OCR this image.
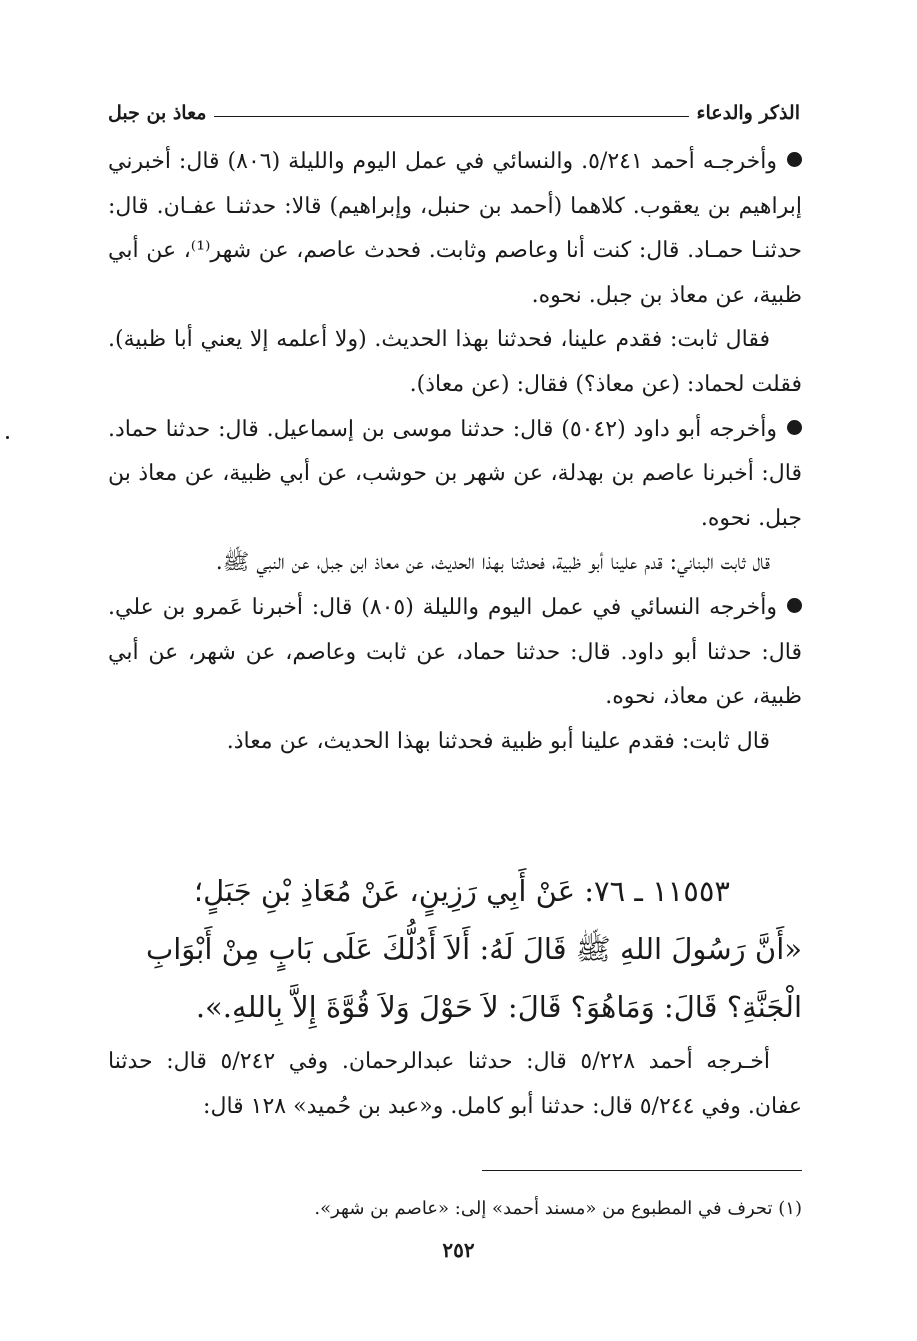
الذكر والدعاء
معاذ بن جبل

وأخرجـه أحمد ٥/٢٤١. والنسائي في عمل اليوم والليلة (٨٠٦) قال: أخبرني إبراهيم بن يعقوب. كلاهما (أحمد بن حنبل، وإبراهيم) قالا: حدثنـا عفـان. قال: حدثنـا حمـاد. قال: كنت أنا وعاصم وثابت. فحدث عاصم، عن شهر⁽¹⁾، عن أبي ظبية، عن معاذ بن جبل. نحوه.

فقال ثابت: فقدم علينا، فحدثنا بهذا الحديث. (ولا أعلمه إلا يعني أبا ظبية). فقلت لحماد: (عن معاذ؟) فقال: (عن معاذ).

وأخرجه أبو داود (٥٠٤٢) قال: حدثنا موسى بن إسماعيل. قال: حدثنا حماد. قال: أخبرنا عاصم بن بهدلة، عن شهر بن حوشب، عن أبي ظبية، عن معاذ بن جبل. نحوه.

قال ثابت البناني: قدم علينا أبو ظبية، فحدثنا بهذا الحديث، عن معاذ ابن جبل، عن النبي ﷺ.

وأخرجه النسائي في عمل اليوم والليلة (٨٠٥) قال: أخبرنا عَمرو بن علي. قال: حدثنا أبو داود. قال: حدثنا حماد، عن ثابت وعاصم، عن شهر، عن أبي ظبية، عن معاذ، نحوه.

قال ثابت: فقدم علينا أبو ظبية فحدثنا بهذا الحديث، عن معاذ.

١١٥٥٣ ـ ٧٦: عَنْ أَبِي رَزِينٍ، عَنْ مُعَاذِ بْنِ جَبَلٍ؛

«أَنَّ رَسُولَ اللهِ ﷺ قَالَ لَهُ: أَلاَ أَدُلُّكَ عَلَى بَابٍ مِنْ أَبْوَابِ

الْجَنَّةِ؟ قَالَ: وَمَاهُوَ؟ قَالَ: لاَ حَوْلَ وَلاَ قُوَّةَ إِلاَّ بِاللهِ.».

أخـرجه أحمد ٥/٢٢٨ قال: حدثنا عبدالرحمان. وفي ٥/٢٤٢ قال: حدثنا عفان. وفي ٥/٢٤٤ قال: حدثنا أبو كامل. و«عبد بن حُميد» ١٢٨ قال:

(١) تحرف في المطبوع من «مسند أحمد» إلى: «عاصم بن شهر».
٢٥٢
